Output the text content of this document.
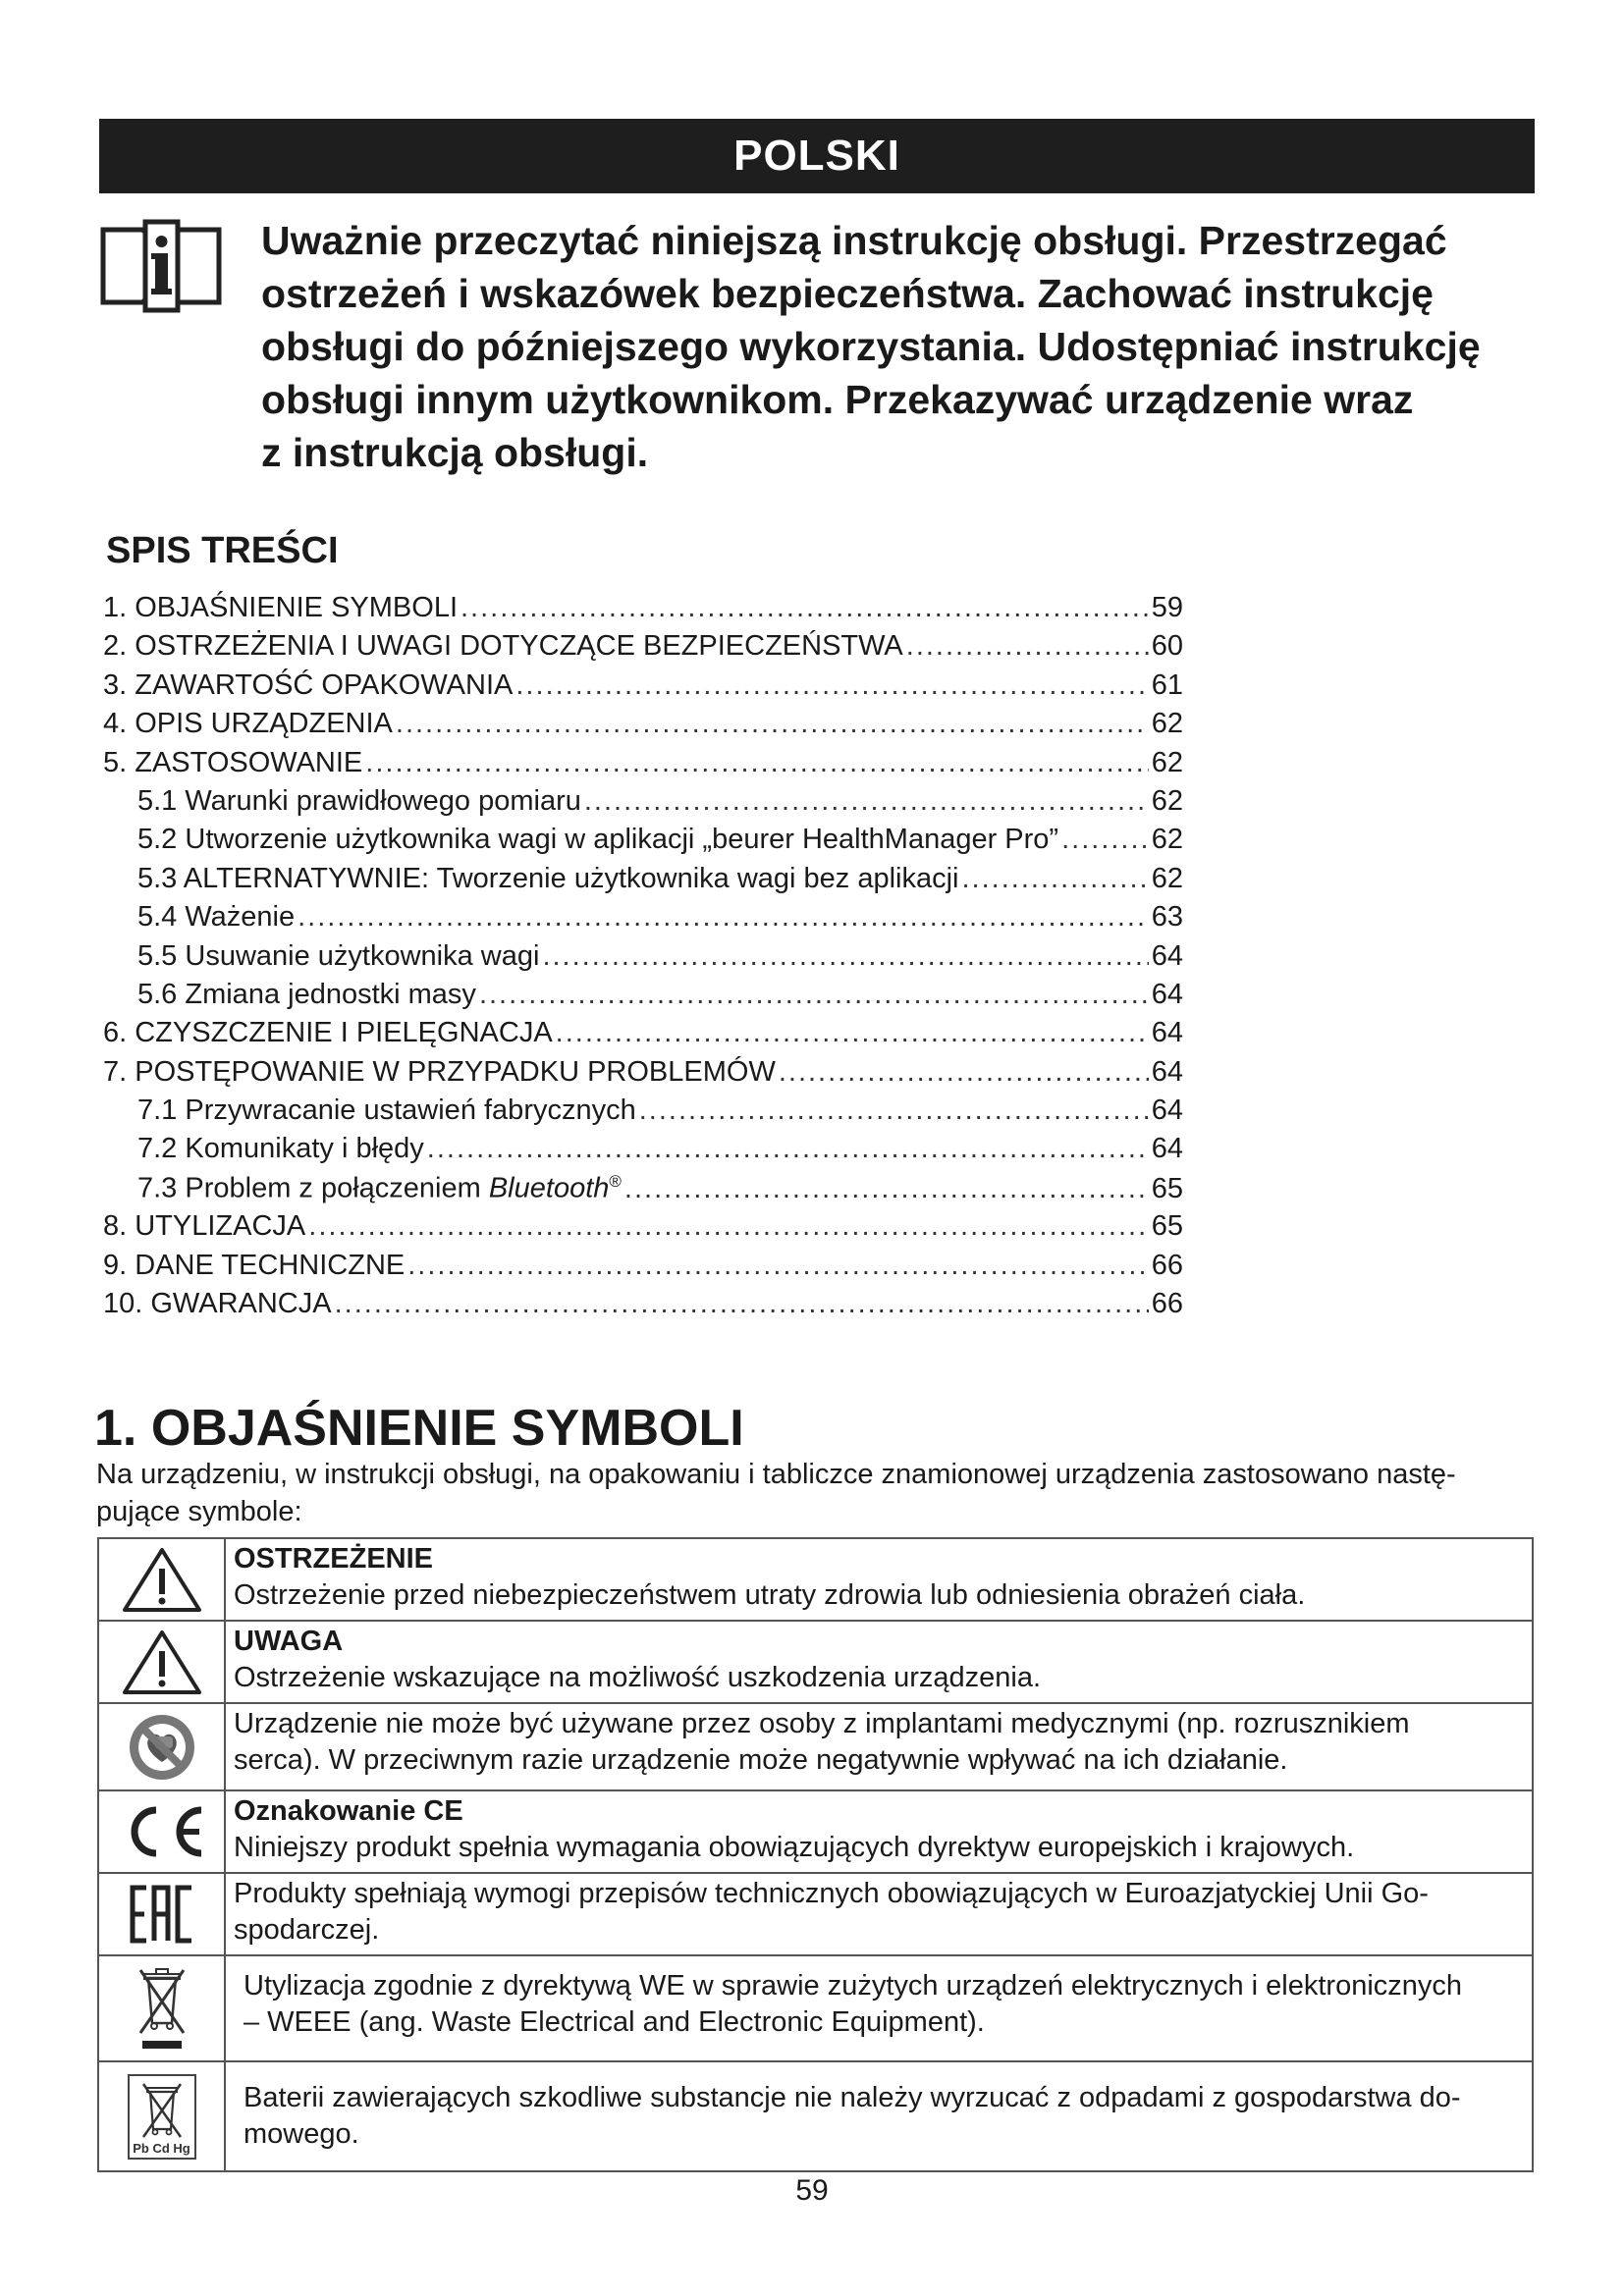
POLSKI
Uważnie przeczytać niniejszą instrukcję obsługi. Przestrzegać
ostrzeżeń i wskazówek bezpieczeństwa. Zachować instrukcję
obsługi do późniejszego wykorzystania. Udostępniać instrukcję
obsługi innym użytkownikom. Przekazywać urządzenie wraz
z instrukcją obsługi.
SPIS TREŚCI
1. OBJAŚNIENIE SYMBOLI .....	59
2. OSTRZEŻENIA I UWAGI DOTYCZĄCE BEZPIECZEŃSTWA .....	60
3. ZAWARTOŚĆ OPAKOWANIA .....	61
4. OPIS URZĄDZENIA .....	62
5. ZASTOSOWANIE .....	62
5.1 Warunki prawidłowego pomiaru .....	62
5.2 Utworzenie użytkownika wagi w aplikacji „beurer HealthManager Pro” .....	62
5.3 ALTERNATYWNIE: Tworzenie użytkownika wagi bez aplikacji .....	62
5.4 Ważenie .....	63
5.5 Usuwanie użytkownika wagi .....	64
5.6 Zmiana jednostki masy .....	64
6. CZYSZCZENIE I PIELĘGNACJA .....	64
7. POSTĘPOWANIE W PRZYPADKU PROBLEMÓW .....	64
7.1 Przywracanie ustawień fabrycznych .....	64
7.2 Komunikaty i błędy .....	64
7.3 Problem z połączeniem Bluetooth® .....	65
8. UTYLIZACJA .....	65
9. DANE TECHNICZNE .....	66
10. GWARANCJA .....	66
1. OBJAŚNIENIE SYMBOLI
Na urządzeniu, w instrukcji obsługi, na opakowaniu i tabliczce znamionowej urządzenia zastosowano nastę-
pujące symbole:

OSTRZEŻENIE
Ostrzeżenie przed niebezpieczeństwem utraty zdrowia lub odniesienia obrażeń ciała.

UWAGA
Ostrzeżenie wskazujące na możliwość uszkodzenia urządzenia.

Urządzenie nie może być używane przez osoby z implantami medycznymi (np. rozrusznikiem
serca). W przeciwnym razie urządzenie może negatywnie wpływać na ich działanie.

Oznakowanie CE
Niniejszy produkt spełnia wymagania obowiązujących dyrektyw europejskich i krajowych.

Produkty spełniają wymogi przepisów technicznych obowiązujących w Euroazjatyckiej Unii Go-
spodarczej.

Utylizacja zgodnie z dyrektywą WE w sprawie zużytych urządzeń elektrycznych i elektronicznych
– WEEE (ang. Waste Electrical and Electronic Equipment).

Pb Cd Hg	Baterii zawierających szkodliwe substancje nie należy wyrzucać z odpadami z gospodarstwa do-
mowego.
59
